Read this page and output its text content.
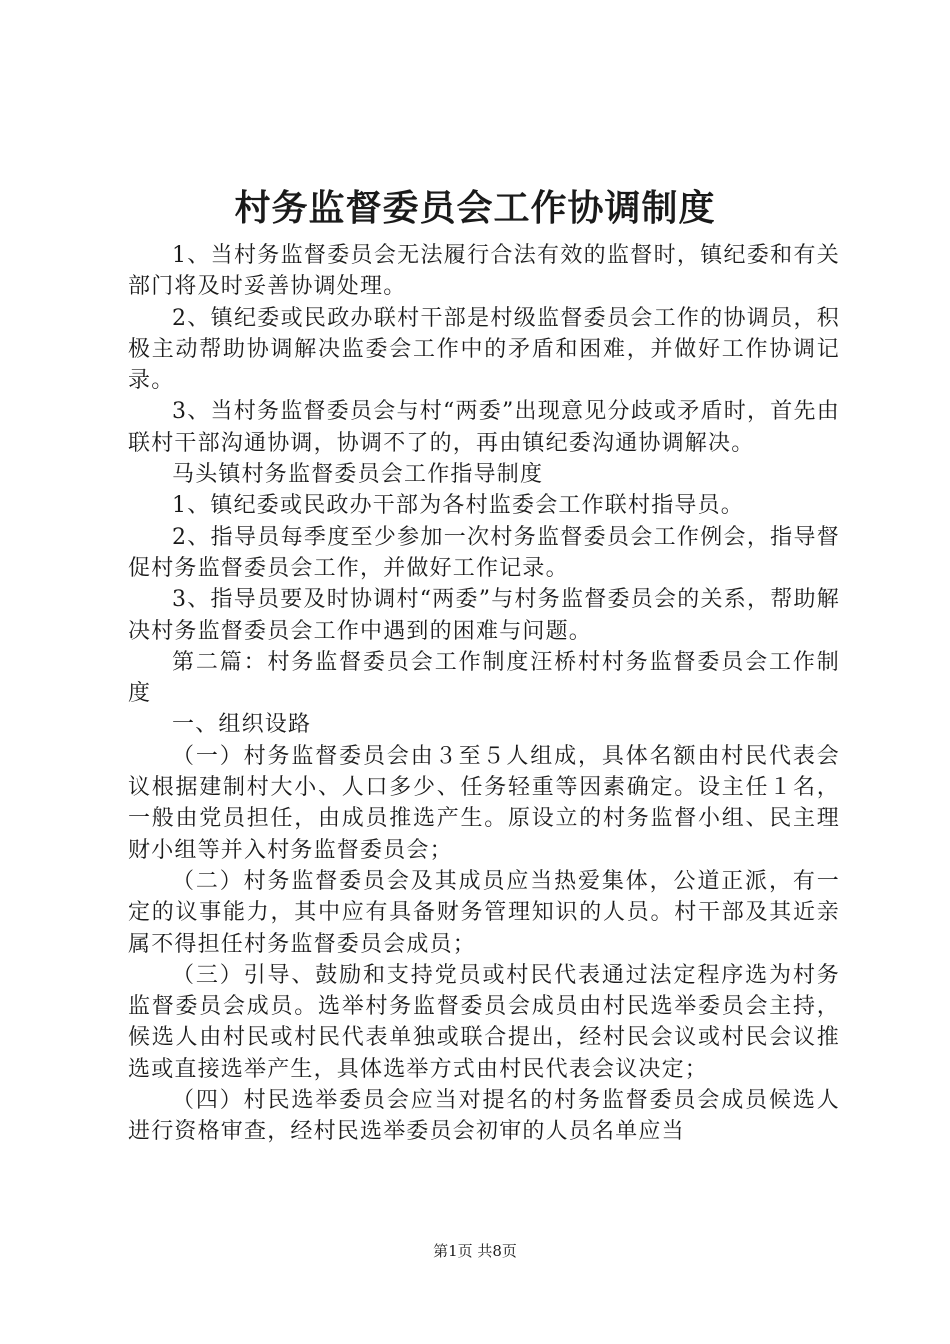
村务监督委员会工作协调制度

1、当村务监督委员会无法履行合法有效的监督时，镇纪委和有关部门将及时妥善协调处理。

2、镇纪委或民政办联村干部是村级监督委员会工作的协调员，积极主动帮助协调解决监委会工作中的矛盾和困难，并做好工作协调记录。

3、当村务监督委员会与村“两委”出现意见分歧或矛盾时，首先由联村干部沟通协调，协调不了的，再由镇纪委沟通协调解决。

马头镇村务监督委员会工作指导制度

1、镇纪委或民政办干部为各村监委会工作联村指导员。

2、指导员每季度至少参加一次村务监督委员会工作例会，指导督促村务监督委员会工作，并做好工作记录。

3、指导员要及时协调村“两委”与村务监督委员会的关系，帮助解决村务监督委员会工作中遇到的困难与问题。

第二篇：村务监督委员会工作制度汪桥村村务监督委员会工作制度

一、组织设路

（一）村务监督委员会由３至５人组成，具体名额由村民代表会议根据建制村大小、人口多少、任务轻重等因素确定。设主任１名，一般由党员担任，由成员推选产生。原设立的村务监督小组、民主理财小组等并入村务监督委员会；

（二）村务监督委员会及其成员应当热爱集体，公道正派，有一定的议事能力，其中应有具备财务管理知识的人员。村干部及其近亲属不得担任村务监督委员会成员；

（三）引导、鼓励和支持党员或村民代表通过法定程序选为村务监督委员会成员。选举村务监督委员会成员由村民选举委员会主持，候选人由村民或村民代表单独或联合提出，经村民会议或村民会议推选或直接选举产生，具体选举方式由村民代表会议决定；

（四）村民选举委员会应当对提名的村务监督委员会成员候选人进行资格审查，经村民选举委员会初审的人员名单应当

第1页 共8页
